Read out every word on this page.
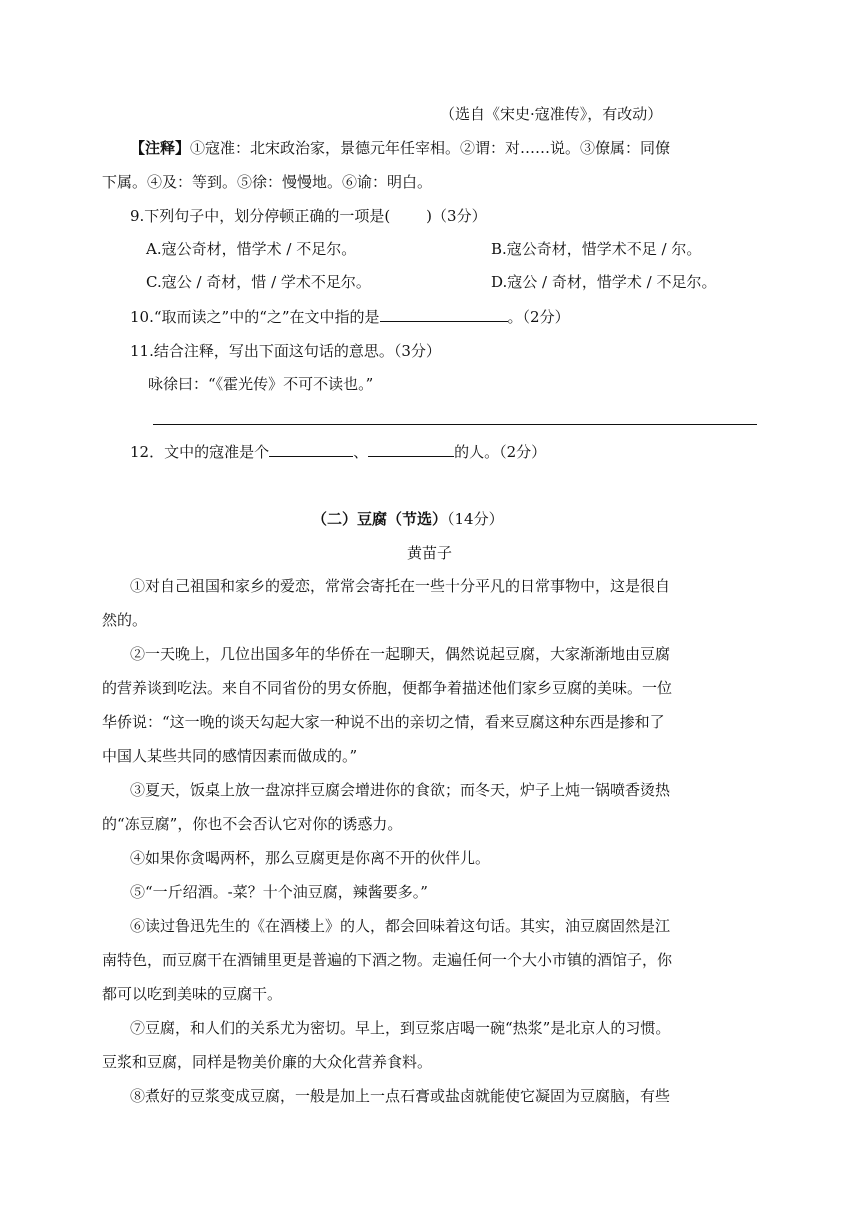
（选自《宋史·寇准传》，有改动）
【注释】①寇准：北宋政治家，景德元年任宰相。②谓：对……说。③僚属：同僚
下属。④及：等到。⑤徐：慢慢地。⑥谕：明白。
9.下列句子中，划分停顿正确的一项是( )（3分）
A.寇公奇材，惜学术 / 不足尔。	B.寇公奇材，惜学术不足 / 尔。
C.寇公 / 奇材，惜 / 学术不足尔。	D.寇公 / 奇材，惜学术 / 不足尔。
10.“取而读之”中的“之”在文中指的是	。（2分）
11.结合注释，写出下面这句话的意思。（3分）
咏徐曰：“《霍光传》不可不读也。”
12．文中的寇准是个	、	的人。（2分）
（二）豆腐（节选）（14分）
黄苗子
①对自己祖国和家乡的爱恋，常常会寄托在一些十分平凡的日常事物中，这是很自
然的。
②一天晚上，几位出国多年的华侨在一起聊天，偶然说起豆腐，大家渐渐地由豆腐
的营养谈到吃法。来自不同省份的男女侨胞，便都争着描述他们家乡豆腐的美味。一位
华侨说：“这一晚的谈天勾起大家一种说不出的亲切之情，看来豆腐这种东西是掺和了
中国人某些共同的感情因素而做成的。”
③夏天，饭桌上放一盘凉拌豆腐会增进你的食欲；而冬天，炉子上炖一锅喷香烫热
的“冻豆腐”，你也不会否认它对你的诱惑力。
④如果你贪喝两杯，那么豆腐更是你离不开的伙伴儿。
⑤“一斤绍酒。-菜？十个油豆腐，辣酱要多。”
⑥读过鲁迅先生的《在酒楼上》的人，都会回味着这句话。其实，油豆腐固然是江
南特色，而豆腐干在酒铺里更是普遍的下酒之物。走遍任何一个大小市镇的酒馆子，你
都可以吃到美味的豆腐干。
⑦豆腐，和人们的关系尤为密切。早上，到豆浆店喝一碗“热浆”是北京人的习惯。
豆浆和豆腐，同样是物美价廉的大众化营养食料。
⑧煮好的豆浆变成豆腐，一般是加上一点石膏或盐卤就能使它凝固为豆腐脑，有些
